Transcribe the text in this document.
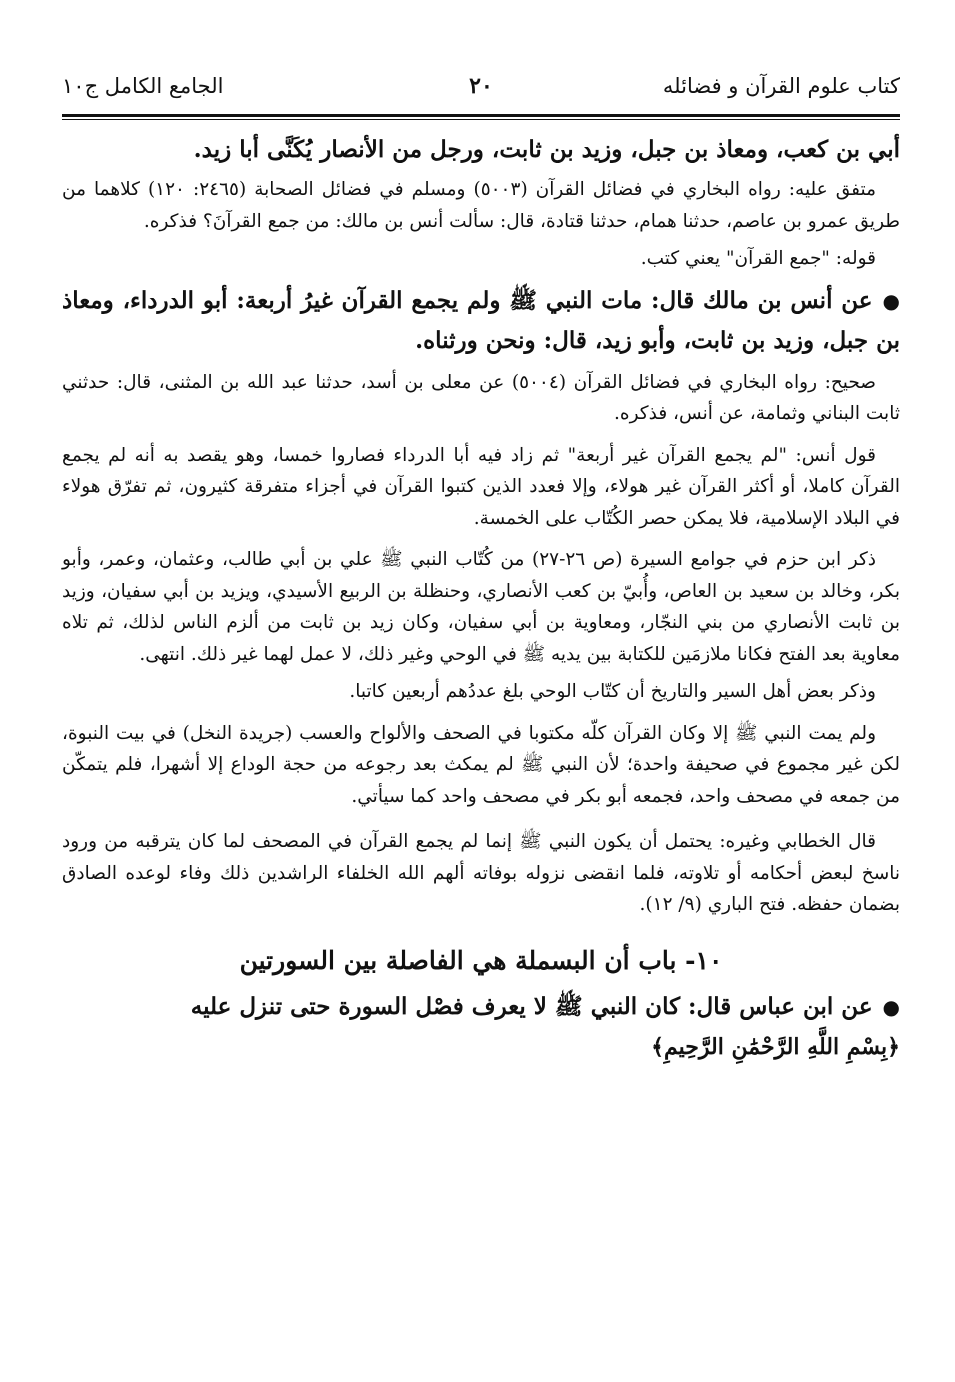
كتاب علوم القرآن و فضائله
٢٠
الجامع الكامل ج١٠

أبي بن كعب، ومعاذ بن جبل، وزيد بن ثابت، ورجل من الأنصار يُكَنَّى أبا زيد.

متفق عليه: رواه البخاري في فضائل القرآن (٥٠٠٣) ومسلم في فضائل الصحابة (٢٤٦٥: ١٢٠) كلاهما من طريق عمرو بن عاصم، حدثنا همام، حدثنا قتادة، قال: سألت أنس بن مالك: من جمع القرآنَ؟ فذكره.

قوله: "جمع القرآن" يعني كتب.

●عن أنس بن مالك قال: مات النبي ﷺ ولم يجمع القرآن غيرُ أربعة: أبو الدرداء، ومعاذ بن جبل، وزيد بن ثابت، وأبو زيد، قال: ونحن ورثناه.

صحيح: رواه البخاري في فضائل القرآن (٥٠٠٤) عن معلى بن أسد، حدثنا عبد الله بن المثنى، قال: حدثني ثابت البناني وثمامة، عن أنس، فذكره.

قول أنس: "لم يجمع القرآن غير أربعة" ثم زاد فيه أبا الدرداء فصاروا خمسا، وهو يقصد به أنه لم يجمع القرآن كاملا، أو أكثر القرآن غير هولاء، وإلا فعدد الذين كتبوا القرآن في أجزاء متفرقة كثيرون، ثم تفرّق هولاء في البلاد الإسلامية، فلا يمكن حصر الكُتّاب على الخمسة.

ذكر ابن حزم في جوامع السيرة (ص ٢٦-٢٧) من كُتّاب النبي ﷺ علي بن أبي طالب، وعثمان، وعمر، وأبو بكر، وخالد بن سعيد بن العاص، وأُبيّ بن كعب الأنصاري، وحنظلة بن الربيع الأسيدي، ويزيد بن أبي سفيان، وزيد بن ثابت الأنصاري من بني النجّار، ومعاوية بن أبي سفيان، وكان زيد بن ثابت من ألزم الناس لذلك، ثم تلاه معاوية بعد الفتح فكانا ملازمَين للكتابة بين يديه ﷺ في الوحي وغير ذلك، لا عمل لهما غير ذلك. انتهى.

وذكر بعض أهل السير والتاريخ أن كتّاب الوحي بلغ عددُهم أربعين كاتبا.

ولم يمت النبي ﷺ إلا وكان القرآن كلّه مكتوبا في الصحف والألواح والعسب (جريدة النخل) في بيت النبوة، لكن غير مجموع في صحيفة واحدة؛ لأن النبي ﷺ لم يمكث بعد رجوعه من حجة الوداع إلا أشهرا، فلم يتمكّن من جمعه في مصحف واحد، فجمعه أبو بكر في مصحف واحد كما سيأتي.

قال الخطابي وغيره: يحتمل أن يكون النبي ﷺ إنما لم يجمع القرآن في المصحف لما كان يترقبه من ورود ناسخ لبعض أحكامه أو تلاوته، فلما انقضى نزوله بوفاته ألهم الله الخلفاء الراشدين ذلك وفاء لوعده الصادق بضمان حفظه. فتح الباري (٩/ ١٢).

١٠- باب أن البسملة هي الفاصلة بين السورتين

●عن ابن عباس قال: كان النبي ﷺ لا يعرف فصْل السورة حتى تنزل عليه

﴿بِسْمِ اللَّهِ الرَّحْمَٰنِ الرَّحِيمِ﴾
